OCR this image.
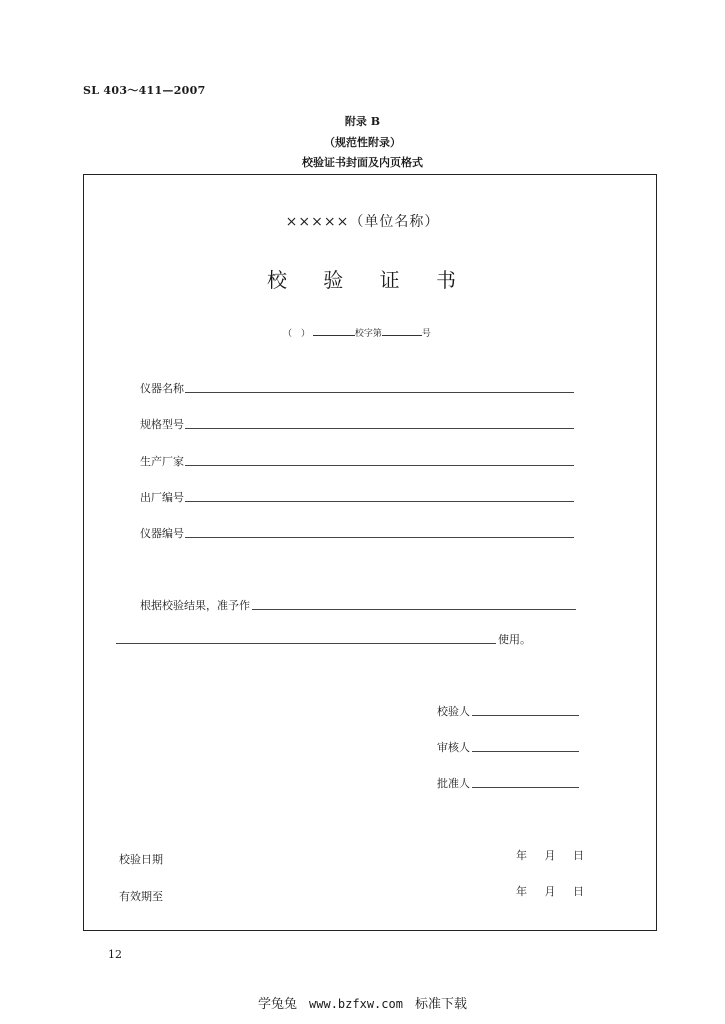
SL 403～411—2007
附录 B
（规范性附录）
校验证书封面及内页格式
×××××（单位名称）
校 验 证 书
（　）	校字第	号
仪器名称
规格型号
生产厂家
出厂编号
仪器编号
根据校验结果，准予作
使用。
校验人
审核人
批准人
校验日期	年 月 日
有效期至	年 月 日
12
学兔兔 www.bzfxw.com 标准下载
